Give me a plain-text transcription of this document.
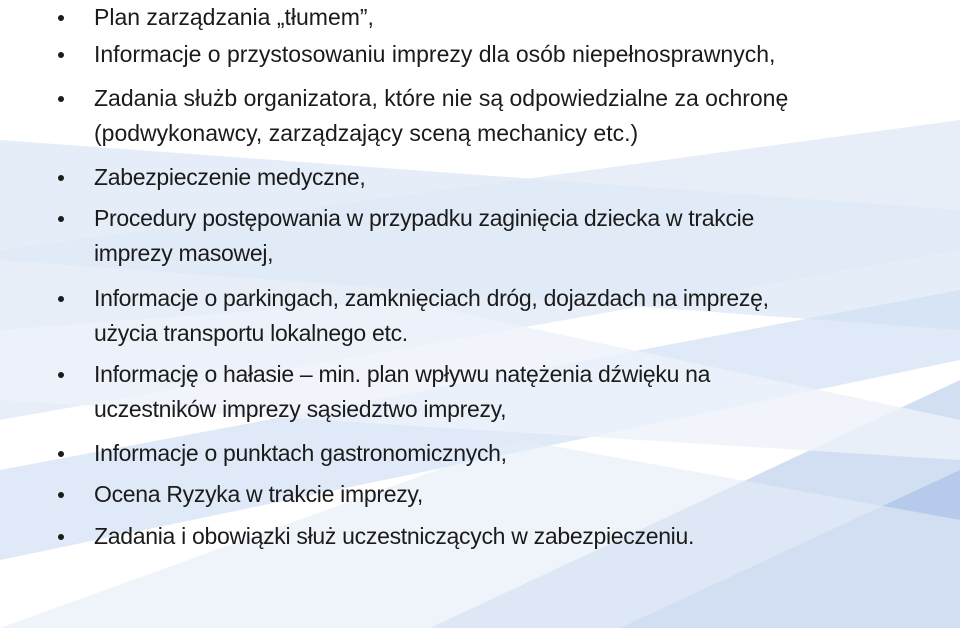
Plan zarządzania „tłumem”,
Informacje o przystosowaniu imprezy dla osób niepełnosprawnych,
Zadania służb organizatora, które nie są odpowiedzialne za ochronę
(podwykonawcy, zarządzający sceną mechanicy etc.)
Zabezpieczenie medyczne,
Procedury postępowania w przypadku zaginięcia dziecka w trakcie
imprezy masowej,
Informacje o parkingach, zamknięciach dróg, dojazdach na imprezę,
użycia transportu lokalnego etc.
Informację o hałasie – min. plan wpływu natężenia dźwięku na
uczestników imprezy sąsiedztwo imprezy,
Informacje o punktach gastronomicznych,
Ocena Ryzyka w trakcie imprezy,
Zadania i obowiązki służ uczestniczących w zabezpieczeniu.
